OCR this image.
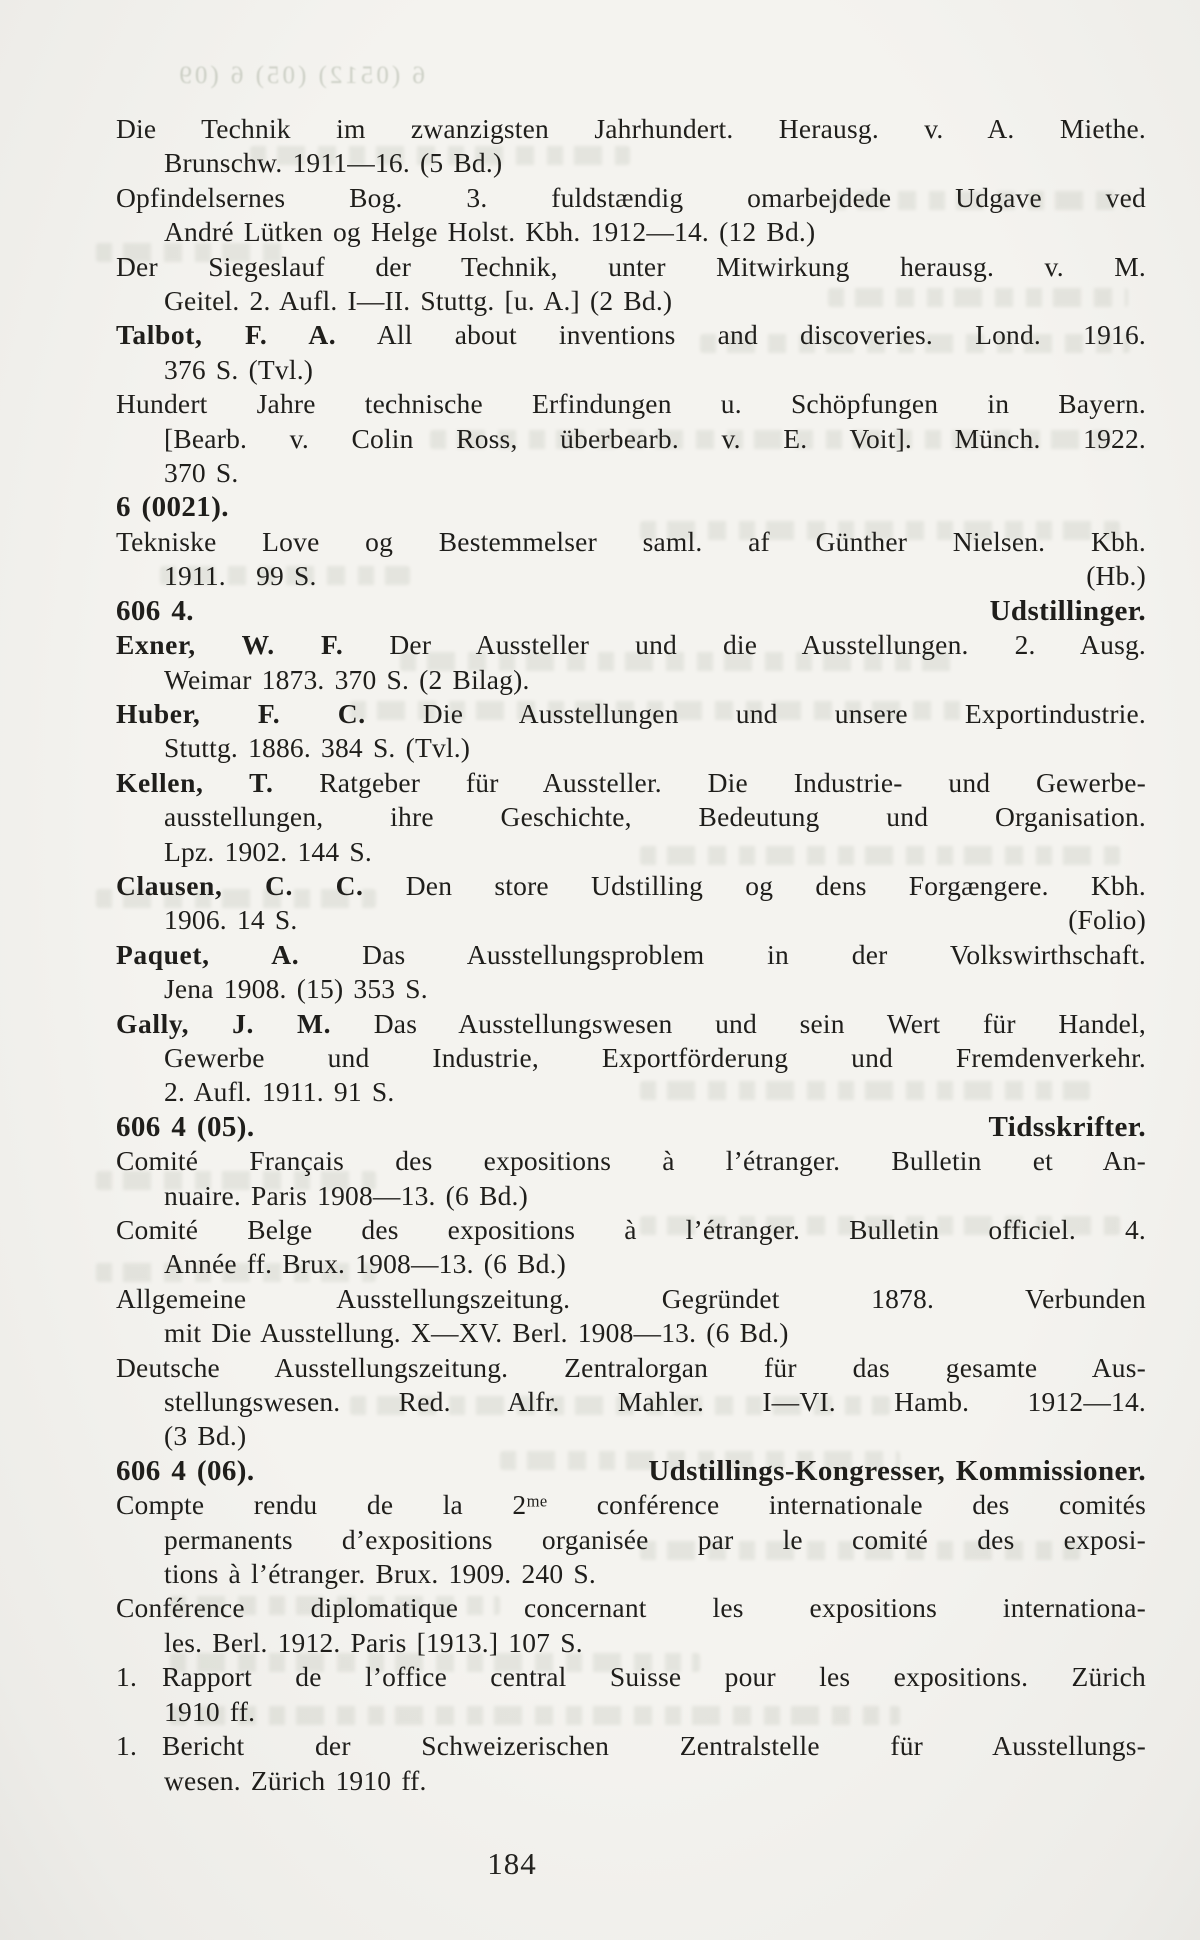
6 (0512) (05) 6 (09
Die Technik im zwanzigsten Jahrhundert. Herausg. v. A. Miethe.
Brunschw. 1911—16. (5 Bd.)
Opfindelsernes Bog. 3. fuldstændig omarbejdede Udgave ved
André Lütken og Helge Holst. Kbh. 1912—14. (12 Bd.)
Der Siegeslauf der Technik, unter Mitwirkung herausg. v. M.
Geitel. 2. Aufl. I—II. Stuttg. [u. A.] (2 Bd.)
Talbot, F. A. All about inventions and discoveries. Lond. 1916.
376 S. (Tvl.)
Hundert Jahre technische Erfindungen u. Schöpfungen in Bayern.
[Bearb. v. Colin Ross, überbearb. v. E. Voit]. Münch. 1922.
370 S.
6 (0021).
Tekniske Love og Bestemmelser saml. af Günther Nielsen. Kbh.
1911.   99 S.	(Hb.)
606 4.	Udstillinger.
Exner, W. F. Der Aussteller und die Ausstellungen. 2. Ausg.
Weimar 1873. 370 S. (2 Bilag).
Huber, F. C. Die Ausstellungen und unsere Exportindustrie.
Stuttg. 1886. 384 S. (Tvl.)
Kellen, T. Ratgeber für Aussteller. Die Industrie- und Gewerbe-
ausstellungen, ihre Geschichte, Bedeutung und Organisation.
Lpz. 1902. 144 S.
Clausen, C. C. Den store Udstilling og dens Forgængere. Kbh.
1906. 14 S.	(Folio)
Paquet, A. Das Ausstellungsproblem in der Volkswirthschaft.
Jena 1908. (15) 353 S.
Gally, J. M. Das Ausstellungswesen und sein Wert für Handel,
Gewerbe und Industrie, Exportförderung und Fremdenverkehr.
2. Aufl. 1911. 91 S.
606 4 (05).	Tidsskrifter.
Comité Français des expositions à l’étranger. Bulletin et An-
nuaire. Paris 1908—13. (6 Bd.)
Comité Belge des expositions à l’étranger. Bulletin officiel. 4.
Année ff. Brux. 1908—13. (6 Bd.)
Allgemeine Ausstellungszeitung. Gegründet 1878. Verbunden
mit Die Ausstellung. X—XV. Berl. 1908—13. (6 Bd.)
Deutsche Ausstellungszeitung. Zentralorgan für das gesamte Aus-
stellungswesen. Red. Alfr. Mahler. I—VI. Hamb. 1912—14.
(3 Bd.)
606 4 (06).	Udstillings-Kongresser, Kommissioner.
Compte rendu de la 2ᵐᵉ conférence internationale des comités
permanents d’expositions organisée par le comité des exposi-
tions à l’étranger. Brux. 1909. 240 S.
Conférence diplomatique concernant les expositions internationa-
les. Berl. 1912. Paris [1913.] 107 S.
1. Rapport de l’office central Suisse pour les expositions. Zürich
1910 ff.
1. Bericht der Schweizerischen Zentralstelle für Ausstellungs-
wesen. Zürich 1910 ff.
184
